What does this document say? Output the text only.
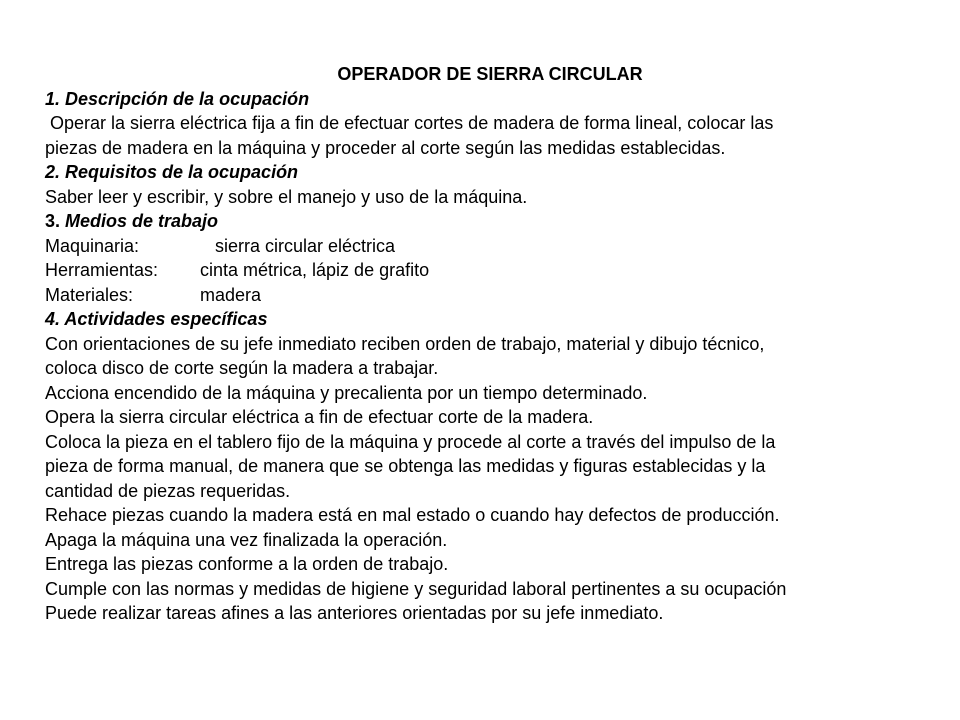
OPERADOR DE SIERRA CIRCULAR
1. Descripción de la ocupación
Operar la sierra eléctrica fija a fin de efectuar cortes de madera de forma lineal, colocar las
piezas de madera en la máquina y proceder al corte según las medidas establecidas.
2. Requisitos de la ocupación
Saber leer y escribir, y sobre el manejo y uso de la máquina.
3. Medios de trabajo
Maquinaria:	sierra circular eléctrica
Herramientas: cinta métrica, lápiz de grafito
Materiales:	madera
4. Actividades específicas
Con orientaciones de su jefe inmediato reciben orden de trabajo, material y dibujo técnico,
coloca disco de corte según la madera a trabajar.
Acciona encendido de la máquina y precalienta por un tiempo determinado.
Opera la sierra circular eléctrica a fin de efectuar corte de la madera.
Coloca la pieza en el tablero fijo de la máquina y procede al corte a través del impulso de la
pieza de forma manual, de manera que se obtenga las medidas y figuras establecidas y la
cantidad de piezas requeridas.
Rehace piezas cuando la madera está en mal estado o cuando hay defectos de producción.
Apaga la máquina una vez finalizada la operación.
Entrega las piezas conforme a la orden de trabajo.
Cumple con las normas y medidas de higiene y seguridad laboral pertinentes a su ocupación
Puede realizar tareas afines a las anteriores orientadas por su jefe inmediato.
